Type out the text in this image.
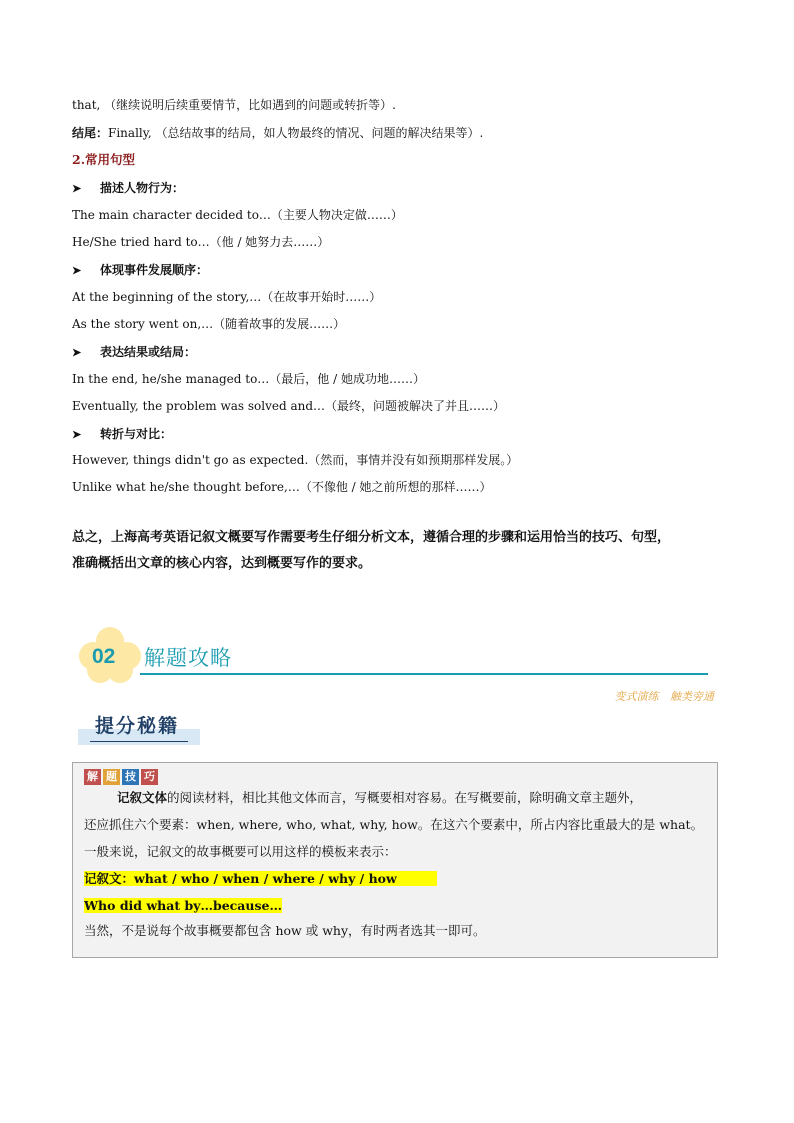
that, （继续说明后续重要情节，比如遇到的问题或转折等）.
结尾：Finally, （总结故事的结局，如人物最终的情况、问题的解决结果等）.
2.常用句型
➤ 描述人物行为：
The main character decided to…（主要人物决定做……）
He/She tried hard to…（他 / 她努力去……）
➤ 体现事件发展顺序：
At the beginning of the story,…（在故事开始时……）
As the story went on,…（随着故事的发展……）
➤ 表达结果或结局：
In the end, he/she managed to…（最后，他 / 她成功地……）
Eventually, the problem was solved and…（最终，问题被解决了并且……）
➤ 转折与对比：
However, things didn't go as expected.（然而，事情并没有如预期那样发展。）
Unlike what he/she thought before,…（不像他 / 她之前所想的那样……）
总之，上海高考英语记叙文概要写作需要考生仔细分析文本，遵循合理的步骤和运用恰当的技巧、句型，
准确概括出文章的核心内容，达到概要写作的要求。
02 解题攻略
变式演练 触类旁通
提分秘籍
解 题 技 巧
记叙文体的阅读材料，相比其他文体而言，写概要相对容易。在写概要前，除明确文章主题外，
还应抓住六个要素：when, where, who, what, why, how。在这六个要素中，所占内容比重最大的是 what。
一般来说，记叙文的故事概要可以用这样的模板来表示：
记叙文：what / who / when / where / why / how
Who did what by…because…
当然，不是说每个故事概要都包含 how 或 why，有时两者选其一即可。
